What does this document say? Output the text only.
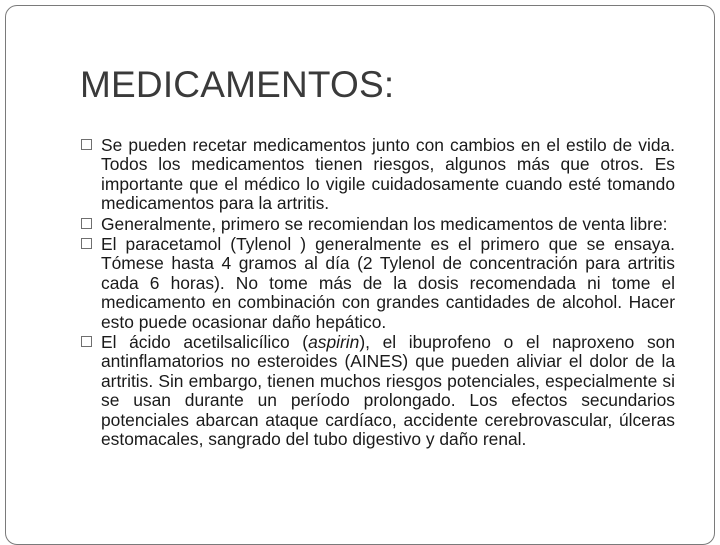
MEDICAMENTOS:
Se pueden recetar medicamentos junto con cambios en el estilo de vida. Todos los medicamentos tienen riesgos, algunos más que otros. Es importante que el médico lo vigile cuidadosamente cuando esté tomando medicamentos para la artritis.
Generalmente, primero se recomiendan los medicamentos de venta libre:
El paracetamol (Tylenol ) generalmente es el primero que se ensaya. Tómese hasta 4 gramos al día (2 Tylenol de concentración para artritis cada 6 horas). No tome más de la dosis recomendada ni tome el medicamento en combinación con grandes cantidades de alcohol. Hacer esto puede ocasionar daño hepático.
El ácido acetilsalicílico (aspirin), el ibuprofeno o el naproxeno son antinflamatorios no esteroides (AINES) que pueden aliviar el dolor de la artritis. Sin embargo, tienen muchos riesgos potenciales, especialmente si se usan durante un período prolongado. Los efectos secundarios potenciales abarcan ataque cardíaco, accidente cerebrovascular, úlceras estomacales, sangrado del tubo digestivo y daño renal.
